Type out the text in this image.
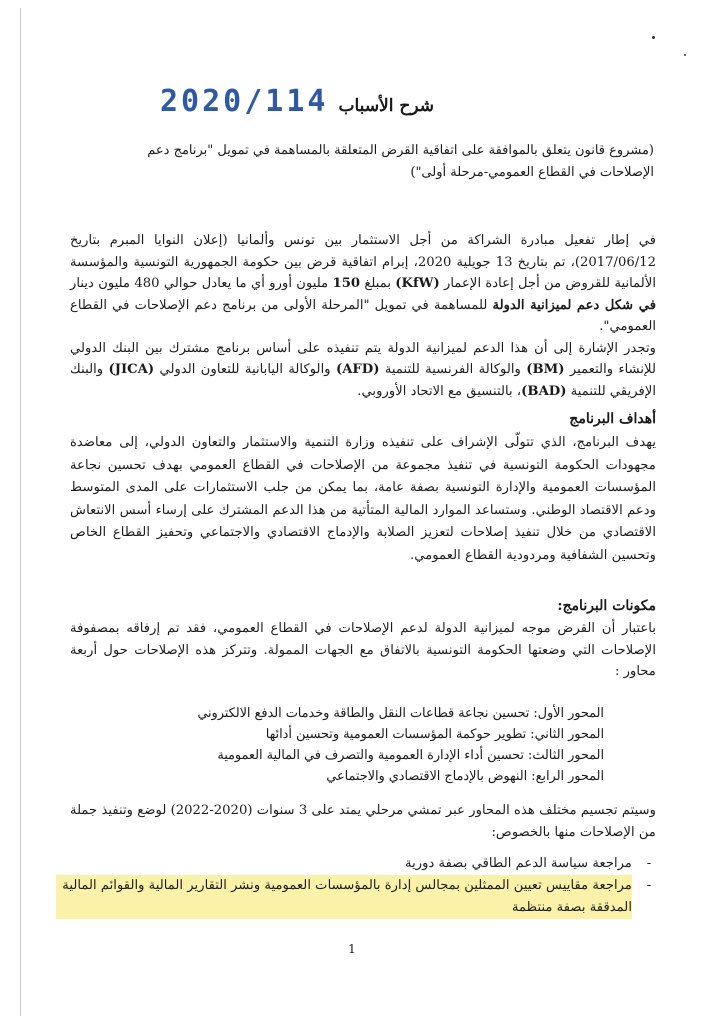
شرح الأسباب
2020/114
(مشروع قانون يتعلق بالموافقة على اتفاقية القرض المتعلقة بالمساهمة في تمويل "برنامج دعم الإصلاحات في القطاع العمومي-مرحلة أولى")
في إطار تفعيل مبادرة الشراكة من أجل الاستثمار بين تونس وألمانيا (إعلان النوايا المبرم بتاريخ 2017/06/12)، تم بتاريخ 13 جويلية 2020، إبرام اتفاقية قرض بين حكومة الجمهورية التونسية والمؤسسة الألمانية للقروض من أجل إعادة الإعمار (KfW) بمبلغ 150 مليون أورو أي ما يعادل حوالي 480 مليون دينار في شكل دعم لميزانية الدولة للمساهمة في تمويل "المرحلة الأولى من برنامج دعم الإصلاحات في القطاع العمومي".
وتجدر الإشارة إلى أن هذا الدعم لميزانية الدولة يتم تنفيذه على أساس برنامج مشترك بين البنك الدولي للإنشاء والتعمير (BM) والوكالة الفرنسية للتنمية (AFD) والوكالة اليابانية للتعاون الدولي (JICA) والبنك الإفريقي للتنمية (BAD)، بالتنسيق مع الاتحاد الأوروبي.
أهداف البرنامج
يهدف البرنامج، الذي تتولّى الإشراف على تنفيذه وزارة التنمية والاستثمار والتعاون الدولي، إلى معاضدة مجهودات الحكومة التونسية في تنفيذ مجموعة من الإصلاحات في القطاع العمومي بهدف تحسين نجاعة المؤسسات العمومية والإدارة التونسية بصفة عامة، بما يمكن من جلب الاستثمارات على المدى المتوسط ودعم الاقتصاد الوطني. وستساعد الموارد المالية المتأتية من هذا الدعم المشترك على إرساء أسس الانتعاش الاقتصادي من خلال تنفيذ إصلاحات لتعزيز الصلابة والإدماج الاقتصادي والاجتماعي وتحفيز القطاع الخاص وتحسين الشفافية ومردودية القطاع العمومي.
مكونات البرنامج:
باعتبار أن القرض موجه لميزانية الدولة لدعم الإصلاحات في القطاع العمومي، فقد تم إرفاقه بمصفوفة الإصلاحات التي وضعتها الحكومة التونسية بالاتفاق مع الجهات الممولة. وتتركز هذه الإصلاحات حول أربعة محاور :
المحور الأول: تحسين نجاعة قطاعات النقل والطاقة وخدمات الدفع الالكتروني
المحور الثاني: تطوير حوكمة المؤسسات العمومية وتحسين أدائها
المحور الثالث: تحسين أداء الإدارة العمومية والتصرف في المالية العمومية
المحور الرابع: النهوض بالإدماج الاقتصادي والاجتماعي
وسيتم تجسيم مختلف هذه المحاور عبر تمشي مرحلي يمتد على 3 سنوات (2020-2022) لوضع وتنفيذ جملة من الإصلاحات منها بالخصوص:
-
مراجعة سياسة الدعم الطاقي بصفة دورية
-
مراجعة مقاييس تعيين الممثلين بمجالس إدارة بالمؤسسات العمومية ونشر التقارير المالية والقوائم المالية المدققة بصفة منتظمة
1
